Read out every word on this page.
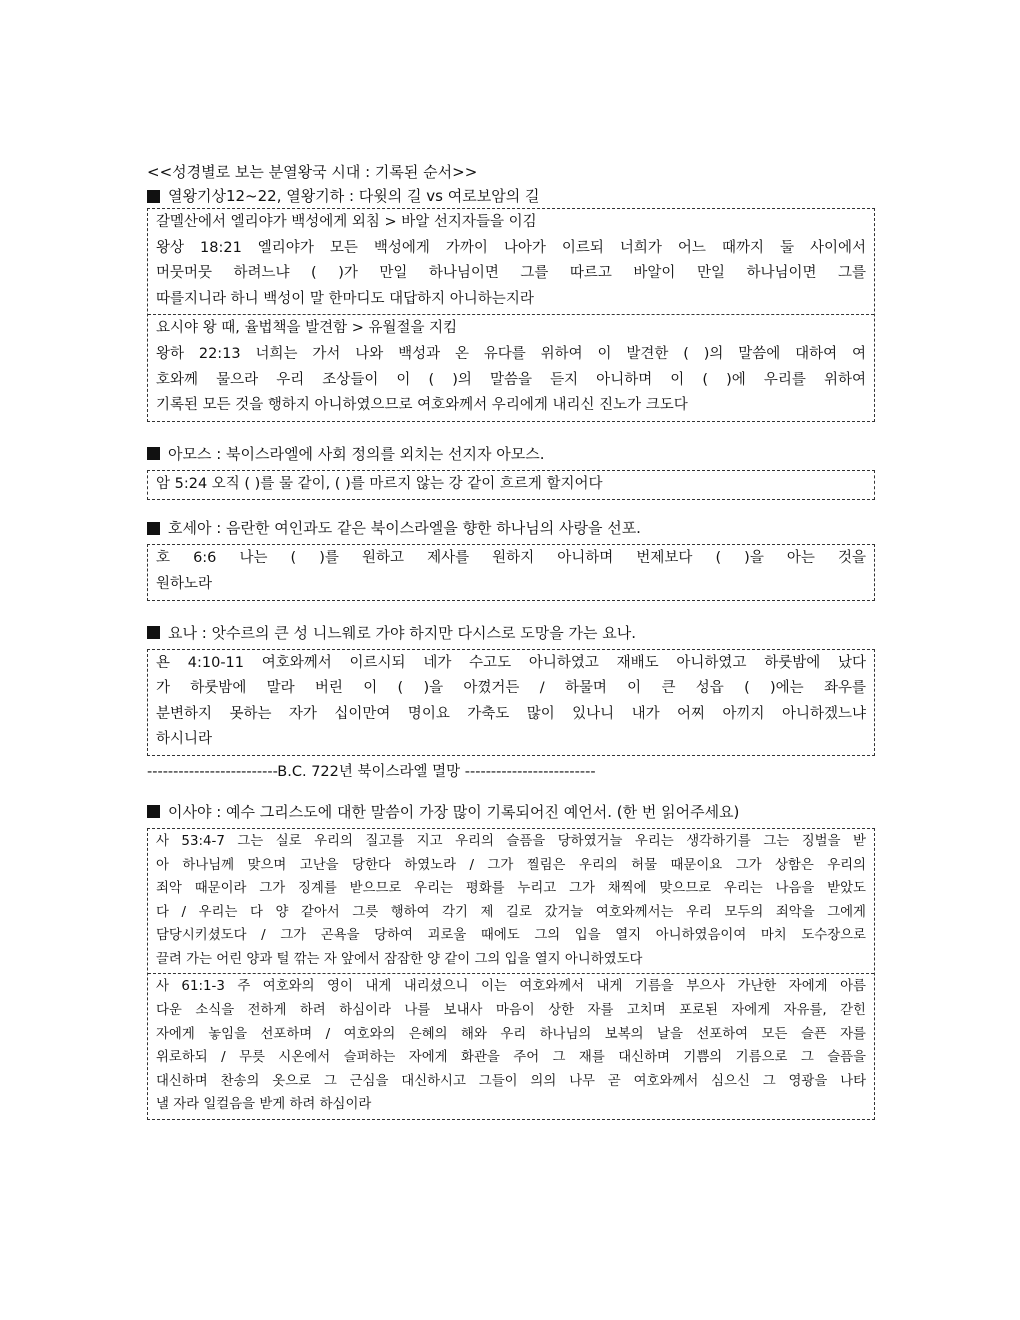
<<성경별로 보는 분열왕국 시대 : 기록된 순서>>
열왕기상12~22, 열왕기하 : 다윗의 길 vs 여로보암의 길
갈멜산에서 엘리야가 백성에게 외침 > 바알 선지자들을 이김
왕상 18:21 엘리야가 모든 백성에게 가까이 나아가 이르되 너희가 어느 때까지 둘 사이에서
머뭇머뭇 하려느냐 ( )가 만일 하나님이면 그를 따르고 바알이 만일 하나님이면 그를
따를지니라 하니 백성이 말 한마디도 대답하지 아니하는지라
요시야 왕 때, 율법책을 발견함 > 유월절을 지킴
왕하 22:13 너희는 가서 나와 백성과 온 유다를 위하여 이 발견한 ( )의 말씀에 대하여 여
호와께 물으라 우리 조상들이 이 ( )의 말씀을 듣지 아니하며 이 ( )에 우리를 위하여
기록된 모든 것을 행하지 아니하였으므로 여호와께서 우리에게 내리신 진노가 크도다
아모스 : 북이스라엘에 사회 정의를 외치는 선지자 아모스.
암 5:24 오직 ( )를 물 같이, ( )를 마르지 않는 강 같이 흐르게 할지어다
호세아 : 음란한 여인과도 같은 북이스라엘을 향한 하나님의 사랑을 선포.
호 6:6 나는 ( )를 원하고 제사를 원하지 아니하며 번제보다 ( )을 아는 것을
원하노라
요나 : 앗수르의 큰 성 니느웨로 가야 하지만 다시스로 도망을 가는 요나.
욘 4:10-11 여호와께서 이르시되 네가 수고도 아니하였고 재배도 아니하였고 하룻밤에 났다
가 하룻밤에 말라 버린 이 ( )을 아꼈거든 / 하물며 이 큰 성읍 ( )에는 좌우를
분변하지 못하는 자가 십이만여 명이요 가축도 많이 있나니 내가 어찌 아끼지 아니하겠느냐
하시니라
-------------------------B.C. 722년 북이스라엘 멸망 -------------------------
이사야 : 예수 그리스도에 대한 말씀이 가장 많이 기록되어진 예언서. (한 번 읽어주세요)
사 53:4-7 그는 실로 우리의 질고를 지고 우리의 슬픔을 당하였거늘 우리는 생각하기를 그는 징벌을 받
아 하나님께 맞으며 고난을 당한다 하였노라 / 그가 찔림은 우리의 허물 때문이요 그가 상함은 우리의
죄악 때문이라 그가 징계를 받으므로 우리는 평화를 누리고 그가 채찍에 맞으므로 우리는 나음을 받았도
다 / 우리는 다 양 같아서 그릇 행하여 각기 제 길로 갔거늘 여호와께서는 우리 모두의 죄악을 그에게
담당시키셨도다 / 그가 곤욕을 당하여 괴로울 때에도 그의 입을 열지 아니하였음이여 마치 도수장으로
끌려 가는 어린 양과 털 깎는 자 앞에서 잠잠한 양 같이 그의 입을 열지 아니하였도다
사 61:1-3 주 여호와의 영이 내게 내리셨으니 이는 여호와께서 내게 기름을 부으사 가난한 자에게 아름
다운 소식을 전하게 하려 하심이라 나를 보내사 마음이 상한 자를 고치며 포로된 자에게 자유를, 갇힌
자에게 놓임을 선포하며 / 여호와의 은혜의 해와 우리 하나님의 보복의 날을 선포하여 모든 슬픈 자를
위로하되 / 무릇 시온에서 슬퍼하는 자에게 화관을 주어 그 재를 대신하며 기쁨의 기름으로 그 슬픔을
대신하며 찬송의 옷으로 그 근심을 대신하시고 그들이 의의 나무 곧 여호와께서 심으신 그 영광을 나타
낼 자라 일컬음을 받게 하려 하심이라
